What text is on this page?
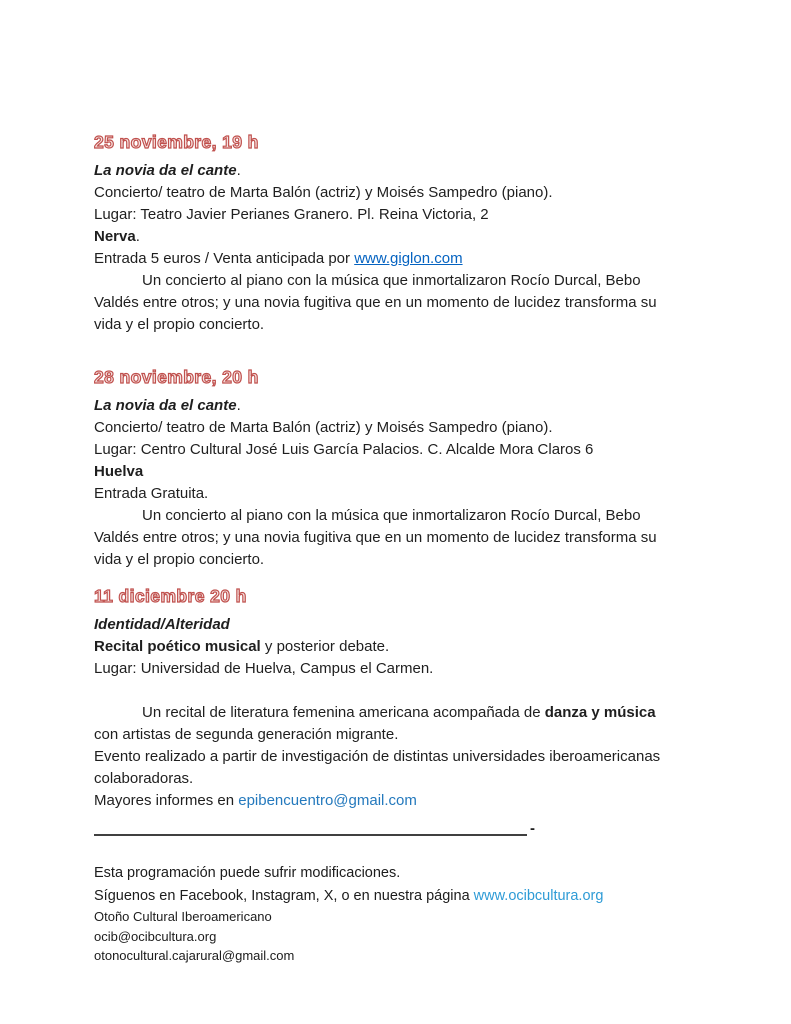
25 noviembre, 19 h

La novia da el cante.

Concierto/ teatro de Marta Balón (actriz) y Moisés Sampedro (piano).

Lugar: Teatro Javier Perianes Granero. Pl. Reina Victoria, 2

Nerva.

Entrada 5 euros / Venta anticipada por www.giglon.com

Un concierto al piano con la música que inmortalizaron Rocío Durcal, Bebo

Valdés entre otros; y una novia fugitiva que en un momento de lucidez transforma su

vida y el propio concierto.

28 noviembre, 20 h

La novia da el cante.

Concierto/ teatro de Marta Balón (actriz) y Moisés Sampedro (piano).

Lugar: Centro Cultural José Luis García Palacios. C. Alcalde Mora Claros 6

Huelva

Entrada Gratuita.

Un concierto al piano con la música que inmortalizaron Rocío Durcal, Bebo

Valdés entre otros; y una novia fugitiva que en un momento de lucidez transforma su

vida y el propio concierto.

11 diciembre 20 h

Identidad/Alteridad

Recital poético musical y posterior debate.

Lugar: Universidad de Huelva, Campus el Carmen.

Un recital de literatura femenina americana acompañada de danza y música

con artistas de segunda generación migrante.

Evento realizado a partir de investigación de distintas universidades iberoamericanas

colaboradoras.

Mayores informes en epibencuentro@gmail.com

-

Esta programación puede sufrir modificaciones.

Síguenos en Facebook, Instagram, X, o en nuestra página www.ocibcultura.org

Otoño Cultural Iberoamericano

ocib@ocibcultura.org

otonocultural.cajarural@gmail.com
